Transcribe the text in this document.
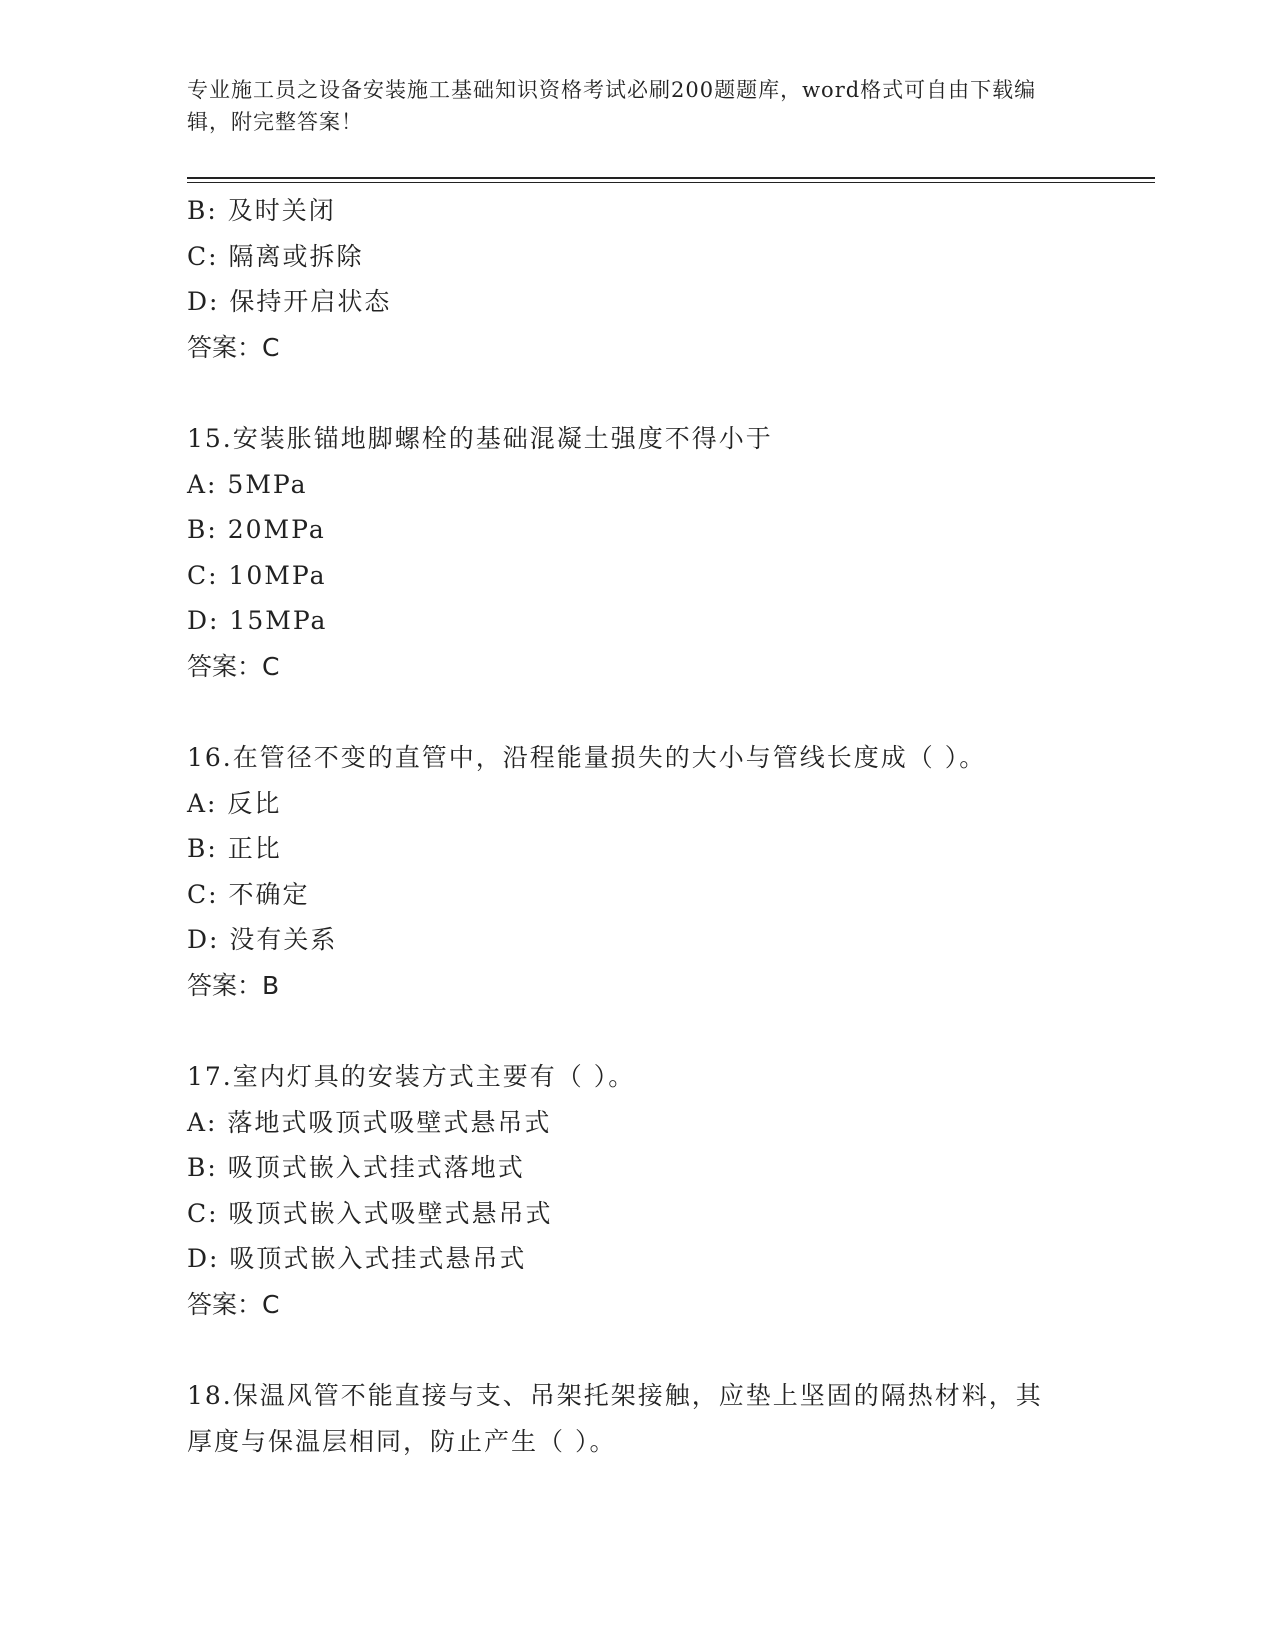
专业施工员之设备安装施工基础知识资格考试必刷200题题库，word格式可自由下载编辑，附完整答案！
B: 及时关闭
C: 隔离或拆除
D: 保持开启状态
答案：C
15.安装胀锚地脚螺栓的基础混凝土强度不得小于
A: 5MPa
B: 20MPa
C: 10MPa
D: 15MPa
答案：C
16.在管径不变的直管中，沿程能量损失的大小与管线长度成（ ）。
A: 反比
B: 正比
C: 不确定
D: 没有关系
答案：B
17.室内灯具的安装方式主要有（ ）。
A: 落地式吸顶式吸壁式悬吊式
B: 吸顶式嵌入式挂式落地式
C: 吸顶式嵌入式吸壁式悬吊式
D: 吸顶式嵌入式挂式悬吊式
答案：C
18.保温风管不能直接与支、吊架托架接触，应垫上坚固的隔热材料，其厚度与保温层相同，防止产生（ ）。
